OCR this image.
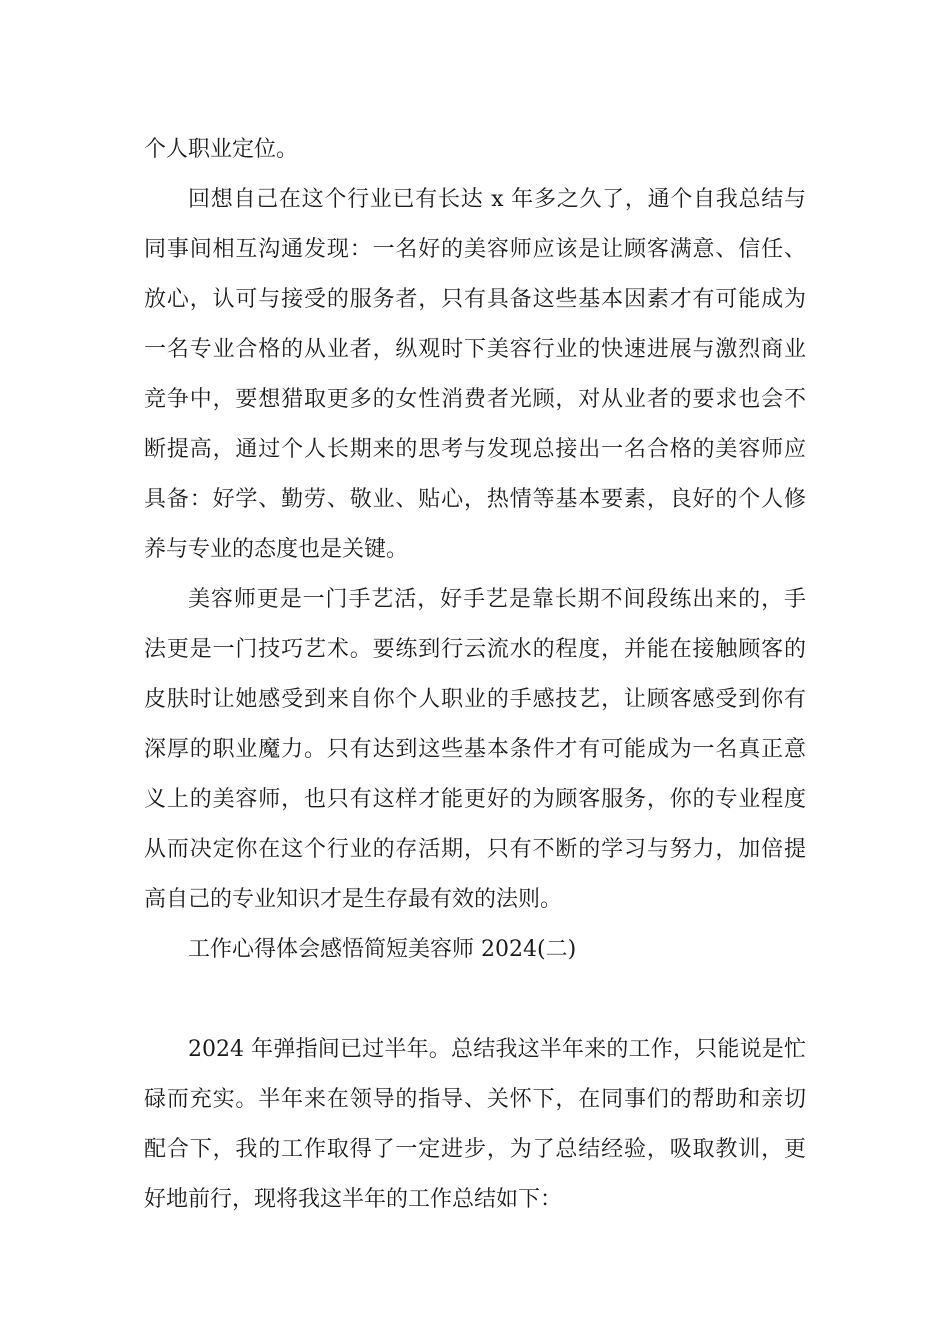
个人职业定位。
回想自己在这个行业已有长达 x 年多之久了，通个自我总结与
同事间相互沟通发现：一名好的美容师应该是让顾客满意、信任、
放心，认可与接受的服务者，只有具备这些基本因素才有可能成为
一名专业合格的从业者，纵观时下美容行业的快速进展与激烈商业
竞争中，要想猎取更多的女性消费者光顾，对从业者的要求也会不
断提高，通过个人长期来的思考与发现总接出一名合格的美容师应
具备：好学、勤劳、敬业、贴心，热情等基本要素，良好的个人修
养与专业的态度也是关键。
美容师更是一门手艺活，好手艺是靠长期不间段练出来的，手
法更是一门技巧艺术。要练到行云流水的程度，并能在接触顾客的
皮肤时让她感受到来自你个人职业的手感技艺，让顾客感受到你有
深厚的职业魔力。只有达到这些基本条件才有可能成为一名真正意
义上的美容师，也只有这样才能更好的为顾客服务，你的专业程度
从而决定你在这个行业的存活期，只有不断的学习与努力，加倍提
高自己的专业知识才是生存最有效的法则。
工作心得体会感悟简短美容师 2024(二)
2024 年弹指间已过半年。总结我这半年来的工作，只能说是忙
碌而充实。半年来在领导的指导、关怀下，在同事们的帮助和亲切
配合下，我的工作取得了一定进步，为了总结经验，吸取教训，更
好地前行，现将我这半年的工作总结如下：
